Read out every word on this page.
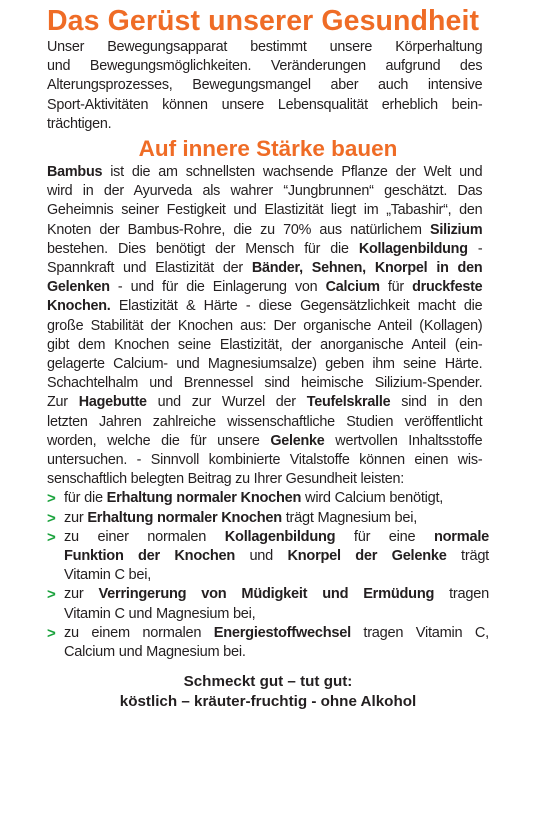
Das Gerüst unserer Gesundheit
Unser Bewegungsapparat bestimmt unsere Körperhaltung
und Bewegungsmöglichkeiten. Veränderungen aufgrund des
Alterungsprozesses, Bewegungsmangel aber auch intensive
Sport-Aktivitäten können unsere Lebensqualität erheblich bein-
trächtigen.
Auf innere Stärke bauen
Bambus ist die am schnellsten wachsende Pflanze der Welt und
wird in der Ayurveda als wahrer “Jungbrunnen“ geschätzt. Das
Geheimnis seiner Festigkeit und Elastizität liegt im „Tabashir“, den
Knoten der Bambus-Rohre, die zu 70% aus natürlichem Silizium
bestehen. Dies benötigt der Mensch für die Kollagenbildung -
Spannkraft und Elastizität der Bänder, Sehnen, Knorpel in den
Gelenken - und für die Einlagerung von Calcium für druckfeste
Knochen. Elastizität & Härte - diese Gegensätzlichkeit macht die
große Stabilität der Knochen aus: Der organische Anteil (Kollagen)
gibt dem Knochen seine Elastizität, der anorganische Anteil (ein-
gelagerte Calcium- und Magnesiumsalze) geben ihm seine Härte.
Schachtelhalm und Brennessel sind heimische Silizium-Spender.
Zur Hagebutte und zur Wurzel der Teufelskralle sind in den
letzten Jahren zahlreiche wissenschaftliche Studien veröffentlicht
worden, welche die für unsere Gelenke wertvollen Inhaltsstoffe
untersuchen. - Sinnvoll kombinierte Vitalstoffe können einen wis-
senschaftlich belegten Beitrag zu Ihrer Gesundheit leisten:
> für die Erhaltung normaler Knochen wird Calcium benötigt,
> zur Erhaltung normaler Knochen trägt Magnesium bei,
> zu einer normalen Kollagenbildung für eine normale
Funktion der Knochen und Knorpel der Gelenke trägt
Vitamin C bei,
> zur Verringerung von Müdigkeit und Ermüdung tragen
Vitamin C und Magnesium bei,
> zu einem normalen Energiestoffwechsel tragen Vitamin C,
Calcium und Magnesium bei.
Schmeckt gut – tut gut:
köstlich – kräuter-fruchtig - ohne Alkohol
